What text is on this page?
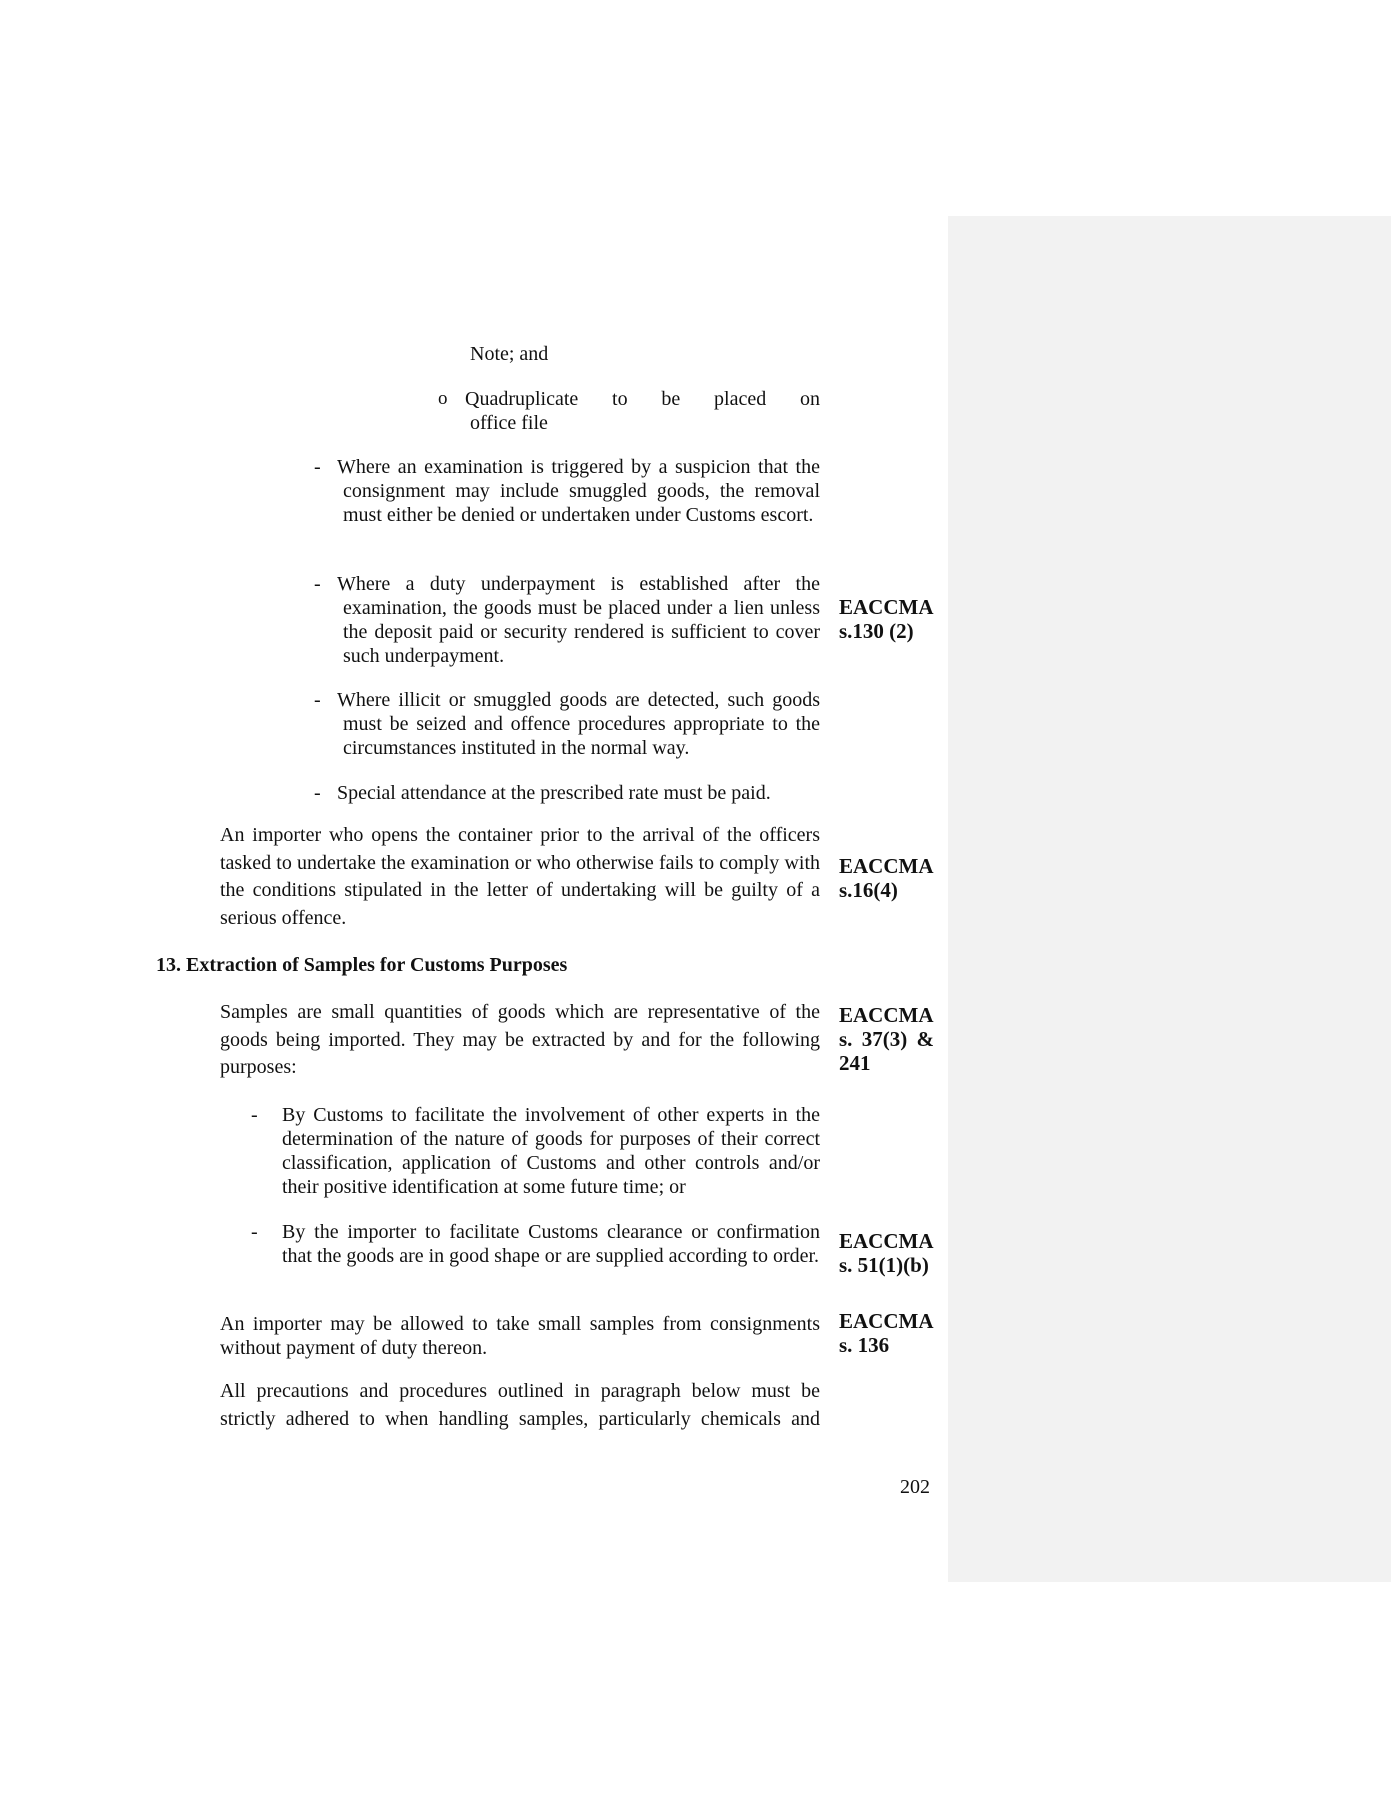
Note; and
o Quadruplicate to be placed on
office file
- Where an examination is triggered by a suspicion that the consignment may include smuggled goods, the removal must either be denied or undertaken under Customs escort.
- Where a duty underpayment is established after the examination, the goods must be placed under a lien unless the deposit paid or security rendered is sufficient to cover such underpayment.
- Where illicit or smuggled goods are detected, such goods must be seized and offence procedures appropriate to the circumstances instituted in the normal way.
- Special attendance at the prescribed rate must be paid.
An importer who opens the container prior to the arrival of the officers tasked to undertake the examination or who otherwise fails to comply with the conditions stipulated in the letter of undertaking will be guilty of a serious offence.
13. Extraction of Samples for Customs Purposes
Samples are small quantities of goods which are representative of the goods being imported. They may be extracted by and for the following purposes:
- By Customs to facilitate the involvement of other experts in the determination of the nature of goods for purposes of their correct classification, application of Customs and other controls and/or their positive identification at some future time; or
- By the importer to facilitate Customs clearance or confirmation that the goods are in good shape or are supplied according to order.
An importer may be allowed to take small samples from consignments without payment of duty thereon.
All precautions and procedures outlined in paragraph below must be strictly adhered to when handling samples, particularly chemicals and
EACCMA
s.130 (2)
EACCMA
s.16(4)
EACCMA
s. 37(3) &
241
EACCMA
s. 51(1)(b)
EACCMA
s. 136
202
